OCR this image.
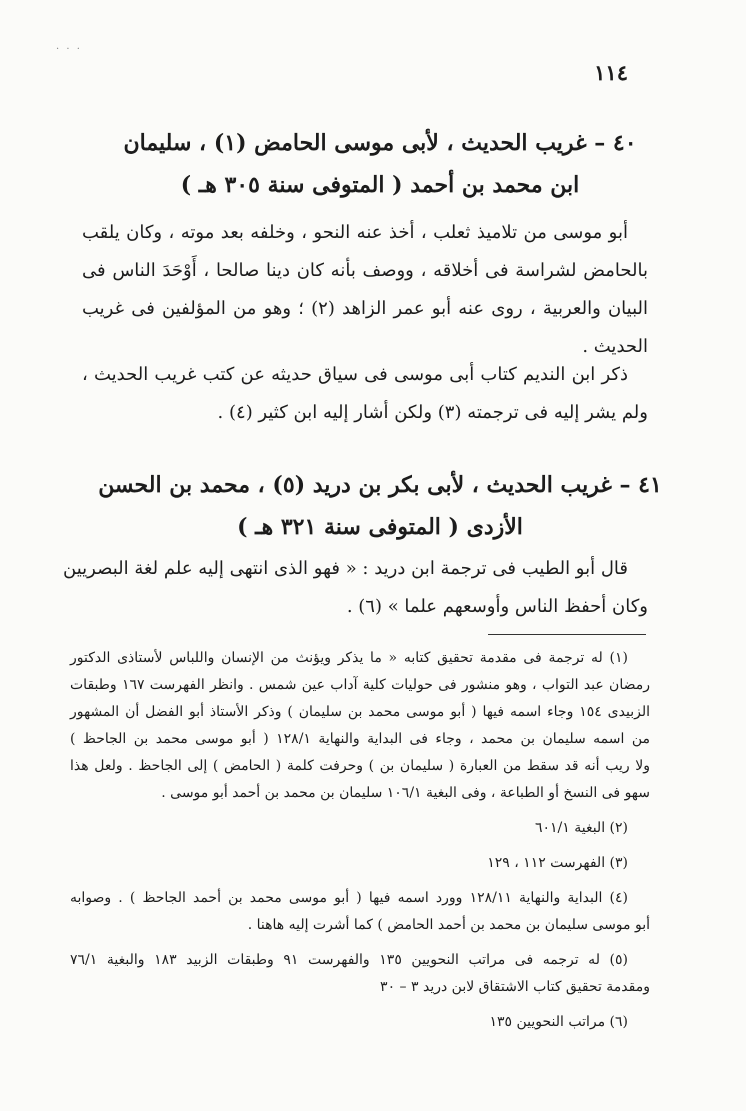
· · ·
١١٤
٤٠ – غريب الحديث ، لأبى موسى الحامض (١) ، سليمان
ابن محمد بن أحمد ( المتوفى سنة ٣٠٥ هـ )
أبو موسى من تلاميذ ثعلب ، أخذ عنه النحو ، وخلفه بعد موته ، وكان يلقب
بالحامض لشراسة فى أخلاقه ، ووصف بأنه كان دينا صالحا ، أَوْحَدَ الناس فى
البيان والعربية ، روى عنه أبو عمر الزاهد (٢) ؛ وهو من المؤلفين فى غريب
الحديث .
ذكر ابن النديم كتاب أبى موسى فى سياق حديثه عن كتب غريب الحديث ،
ولم يشر إليه فى ترجمته (٣) ولكن أشار إليه ابن كثير (٤) .
٤١ – غريب الحديث ، لأبى بكر بن دريد (٥) ، محمد بن الحسن
الأزدى ( المتوفى سنة ٣٢١ هـ )
قال أبو الطيب فى ترجمة ابن دريد : « فهو الذى انتهى إليه علم لغة البصريين
وكان أحفظ الناس وأوسعهم علما » (٦) .
(١) له ترجمة فى مقدمة تحقيق كتابه « ما يذكر ويؤنث من الإنسان واللباس لأستاذى الدكتور
رمضان عبد التواب ، وهو منشور فى حوليات كلية آداب عين شمس . وانظر الفهرست ١٦٧ وطبقات
الزبيدى ١٥٤ وجاء اسمه فيها ( أبو موسى محمد بن سليمان ) وذكر الأستاذ أبو الفضل أن المشهور
من اسمه سليمان بن محمد ، وجاء فى البداية والنهاية ١٢٨/١ ( أبو موسى محمد بن الجاحظ )
ولا ريب أنه قد سقط من العبارة ( سليمان بن ) وحرفت كلمة ( الحامض ) إلى الجاحظ . ولعل هذا
سهو فى النسخ أو الطباعة ، وفى البغية ١٠٦/١ سليمان بن محمد بن أحمد أبو موسى .
(٢) البغية ٦٠١/١
(٣) الفهرست ١١٢ ، ١٢٩
(٤) البداية والنهاية ١٢٨/١١ وورد اسمه فيها ( أبو موسى محمد بن أحمد الجاحظ ) . وصوابه
أبو موسى سليمان بن محمد بن أحمد الحامض ) كما أشرت إليه هاهنا .
(٥) له ترجمه فى مراتب النحويين ١٣٥ والفهرست ٩١ وطبقات الزبيد ١٨٣ والبغية ٧٦/١
ومقدمة تحقيق كتاب الاشتقاق لابن دريد ٣ – ٣٠
(٦) مراتب النحويين ١٣٥
